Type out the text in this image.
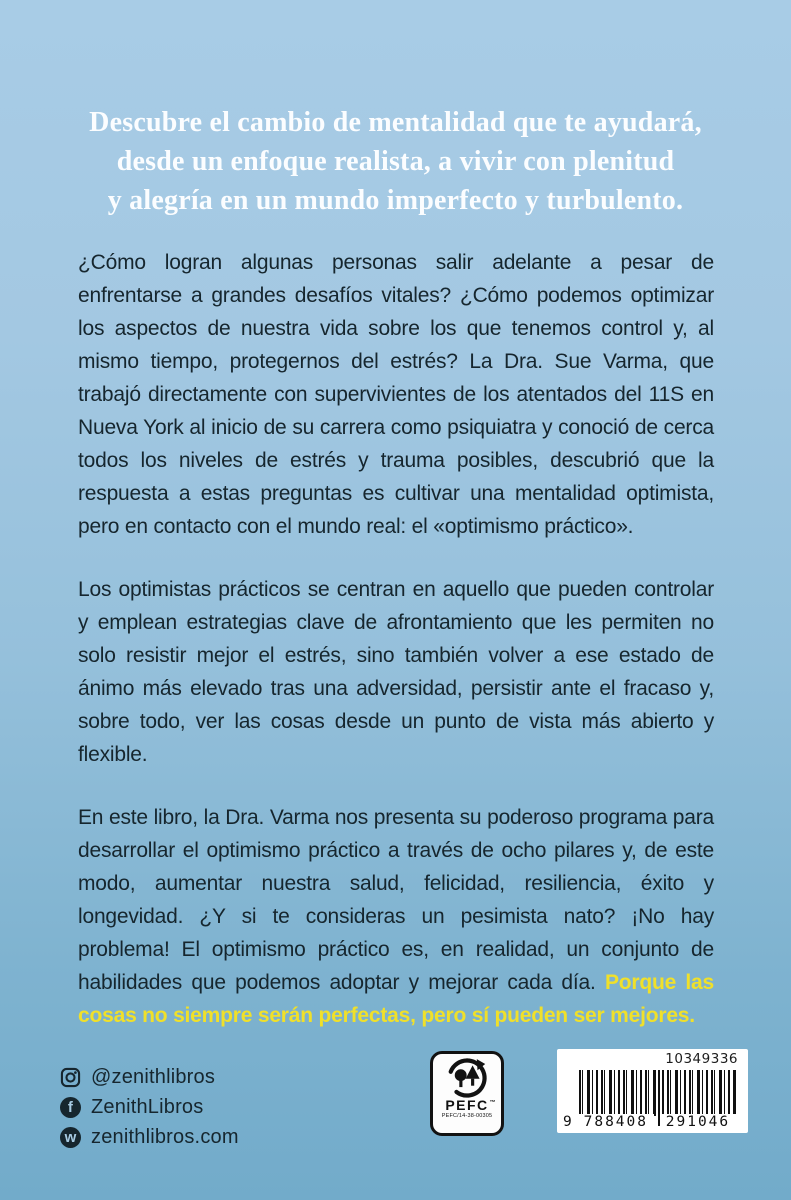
Descubre el cambio de mentalidad que te ayudará,
desde un enfoque realista, a vivir con plenitud
y alegría en un mundo imperfecto y turbulento.

¿Cómo logran algunas personas salir adelante a pesar de enfrentarse a grandes desafíos vitales? ¿Cómo podemos optimizar los aspectos de nuestra vida sobre los que tenemos control y, al mismo tiempo, protegernos del estrés? La Dra. Sue Varma, que trabajó directamente con supervivientes de los atentados del 11S en Nueva York al inicio de su carrera como psiquiatra y conoció de cerca todos los niveles de estrés y trauma posibles, descubrió que la respuesta a estas preguntas es cultivar una mentalidad optimista, pero en contacto con el mundo real: el «optimismo práctico».

Los optimistas prácticos se centran en aquello que pueden controlar y emplean estrategias clave de afrontamiento que les permiten no solo resistir mejor el estrés, sino también volver a ese estado de ánimo más elevado tras una adversidad, persistir ante el fracaso y, sobre todo, ver las cosas desde un punto de vista más abierto y flexible.

En este libro, la Dra. Varma nos presenta su poderoso programa para desarrollar el optimismo práctico a través de ocho pilares y, de este modo, aumentar nuestra salud, felicidad, resiliencia, éxito y longevidad. ¿Y si te consideras un pesimista nato? ¡No hay problema! El optimismo práctico es, en realidad, un conjunto de habilidades que podemos adoptar y mejorar cada día. Porque las cosas no siempre serán perfectas, pero sí pueden ser mejores.

@zenithlibros
f ZenithLibros
w zenithlibros.com
PEFC ™
PEFC/14-38-00305
10349336
9 788408	291046
